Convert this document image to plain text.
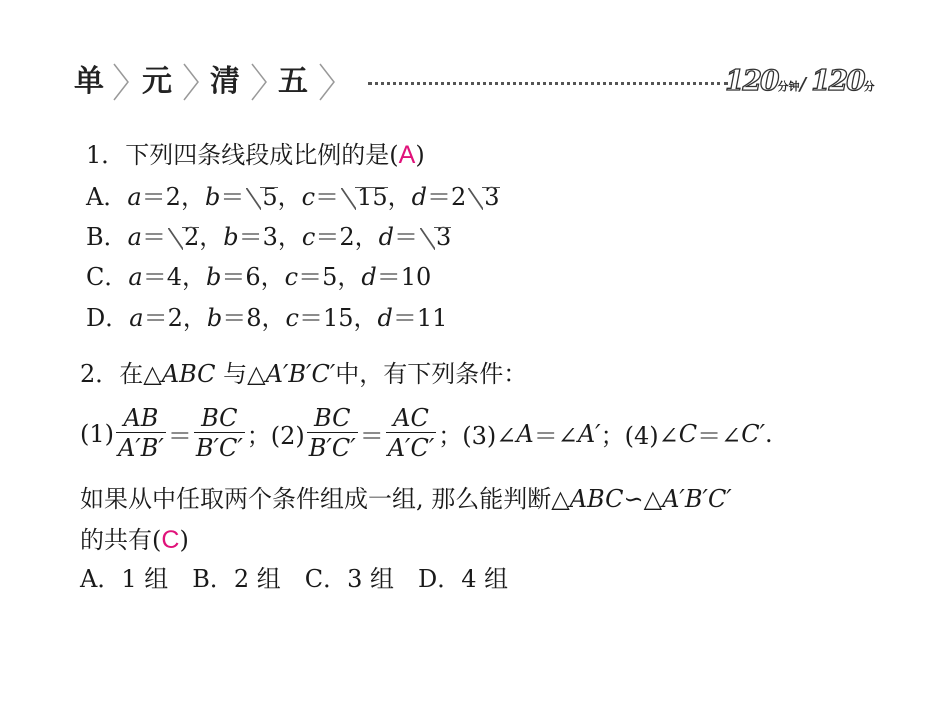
单 元 清 五	120分钟/ 120分
1．下列四条线段成比例的是(A)
A．a＝2，b＝ 5，c＝ 15，d＝2 3
B．a＝ 2，b＝3，c＝2，d＝ 3
C．a＝4，b＝6，c＝5，d＝10
D．a＝2，b＝8，c＝15，d＝11
2．在△ABC 与△A′B′C′中，有下列条件：
$(1) \frac{AB}{A'B'} = \frac{BC}{B'C'}$ ；$(2) \frac{BC}{B'C'} = \frac{AC}{A'C'}$ ；(3)∠ A ＝∠ A′ ；(4)∠ C ＝∠ C′ .
如果从中任取两个条件组成一组, 那么能判断△ABC∽△A′B′C′
的共有(C)
A．1 组　B．2 组　C．3 组　D．4 组
